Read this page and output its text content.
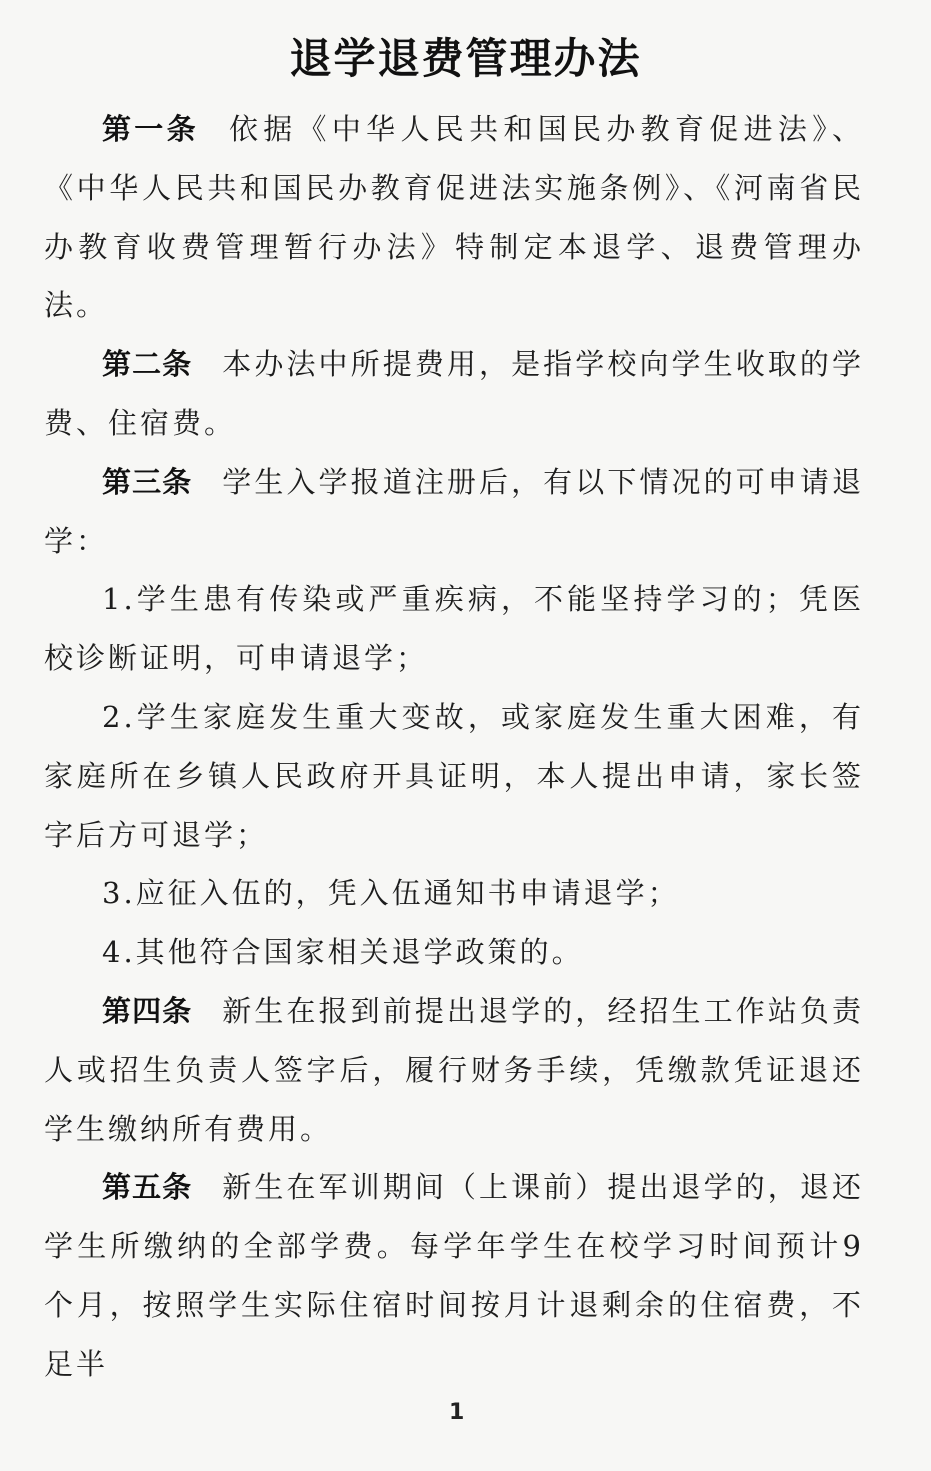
退学退费管理办法

第一条 依据《中华人民共和国民办教育促进法》、《中华人民共和国民办教育促进法实施条例》、《河南省民办教育收费管理暂行办法》特制定本退学、退费管理办法。

第二条 本办法中所提费用，是指学校向学生收取的学费、住宿费。

第三条 学生入学报道注册后，有以下情况的可申请退学：

1.学生患有传染或严重疾病，不能坚持学习的；凭医校诊断证明，可申请退学；

2.学生家庭发生重大变故，或家庭发生重大困难，有家庭所在乡镇人民政府开具证明，本人提出申请，家长签字后方可退学；

3.应征入伍的，凭入伍通知书申请退学；

4.其他符合国家相关退学政策的。

第四条 新生在报到前提出退学的，经招生工作站负责人或招生负责人签字后，履行财务手续，凭缴款凭证退还学生缴纳所有费用。

第五条 新生在军训期间（上课前）提出退学的，退还学生所缴纳的全部学费。每学年学生在校学习时间预计9个月，按照学生实际住宿时间按月计退剩余的住宿费，不足半

1
